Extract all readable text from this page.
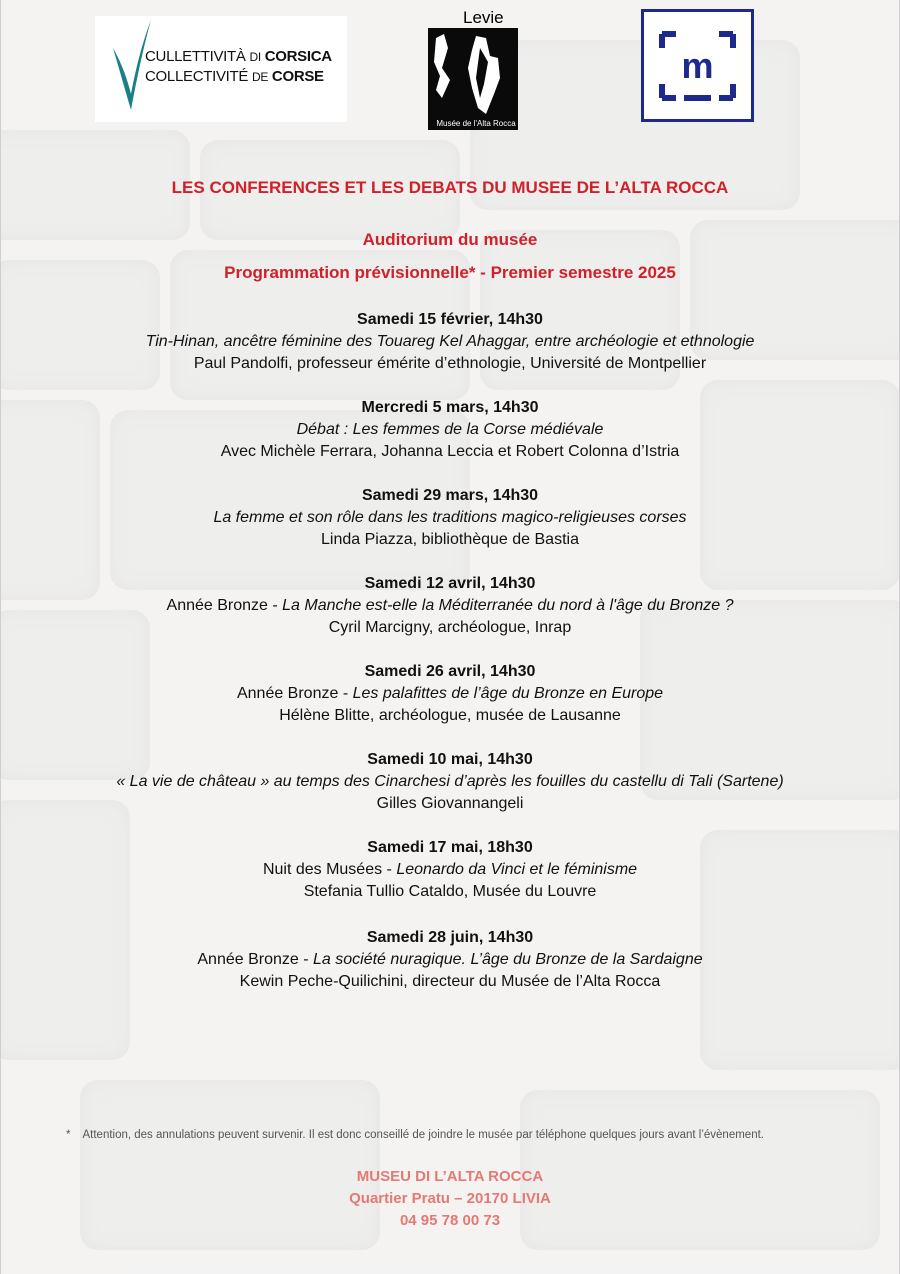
CULLETTIVITÀ DI CORSICA
COLLECTIVITÉ DE CORSE
Levie
Musée de l'Alta Rocca
m
LES CONFERENCES ET LES DEBATS DU MUSEE DE L’ALTA ROCCA
Auditorium du musée
Programmation prévisionnelle* - Premier semestre 2025
Samedi 15 février, 14h30
Tin-Hinan, ancêtre féminine des Touareg Kel Ahaggar, entre archéologie et ethnologie
Paul Pandolfi, professeur émérite d’ethnologie, Université de Montpellier
Mercredi 5 mars, 14h30
Débat : Les femmes de la Corse médiévale
Avec Michèle Ferrara, Johanna Leccia et Robert Colonna d’Istria
Samedi 29 mars, 14h30
La femme et son rôle dans les traditions magico-religieuses corses
Linda Piazza, bibliothèque de Bastia
Samedi 12 avril, 14h30
Année Bronze - La Manche est-elle la Méditerranée du nord à l'âge du Bronze ?
Cyril Marcigny, archéologue, Inrap
Samedi 26 avril, 14h30
Année Bronze - Les palafittes de l’âge du Bronze en Europe
Hélène Blitte, archéologue, musée de Lausanne
Samedi 10 mai, 14h30
« La vie de château » au temps des Cinarchesi d’après les fouilles du castellu di Tali (Sartene)
Gilles Giovannangeli
Samedi 17 mai, 18h30
Nuit des Musées - Leonardo da Vinci et le féminisme
Stefania Tullio Cataldo, Musée du Louvre
Samedi 28 juin, 14h30
Année Bronze - La société nuragique. L’âge du Bronze de la Sardaigne
Kewin Peche-Quilichini, directeur du Musée de l’Alta Rocca
* Attention, des annulations peuvent survenir. Il est donc conseillé de joindre le musée par téléphone quelques jours avant l’évènement.
MUSEU DI L’ALTA ROCCA
Quartier Pratu – 20170 LIVIA
04 95 78 00 73
